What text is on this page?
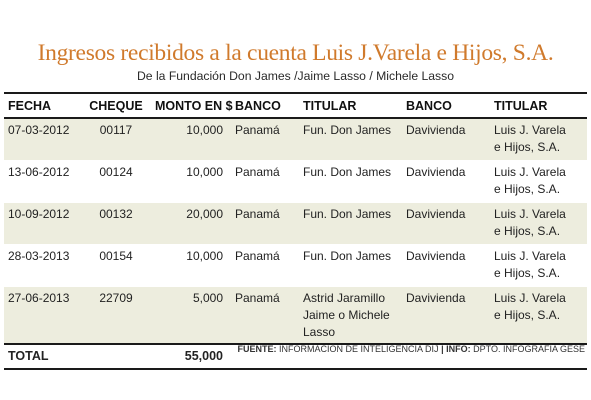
Ingresos recibidos a la cuenta Luis J.Varela e Hijos, S.A.
De la Fundación Don James /Jaime Lasso / Michele Lasso
FECHA	CHEQUE	MONTO EN $	BANCO	TITULAR	BANCO	TITULAR
07-03-2012	00117	10,000	Panamá	Fun. Don James	Davivienda	Luis J. Varela
e Hijos, S.A.
13-06-2012	00124	10,000	Panamá	Fun. Don James	Davivienda	Luis J. Varela
e Hijos, S.A.
10-09-2012	00132	20,000	Panamá	Fun. Don James	Davivienda	Luis J. Varela
e Hijos, S.A.
28-03-2013	00154	10,000	Panamá	Fun. Don James	Davivienda	Luis J. Varela
e Hijos, S.A.
27-06-2013	22709	5,000	Panamá	Astrid Jaramillo
Jaime o Michele
Lasso	Davivienda	Luis J. Varela
e Hijos, S.A.
TOTAL		55,000				FUENTE: INFORMACIÓN DE INTELIGENCIA DIJ | INFO: DPTO. INFOGRAFÍA GESE
